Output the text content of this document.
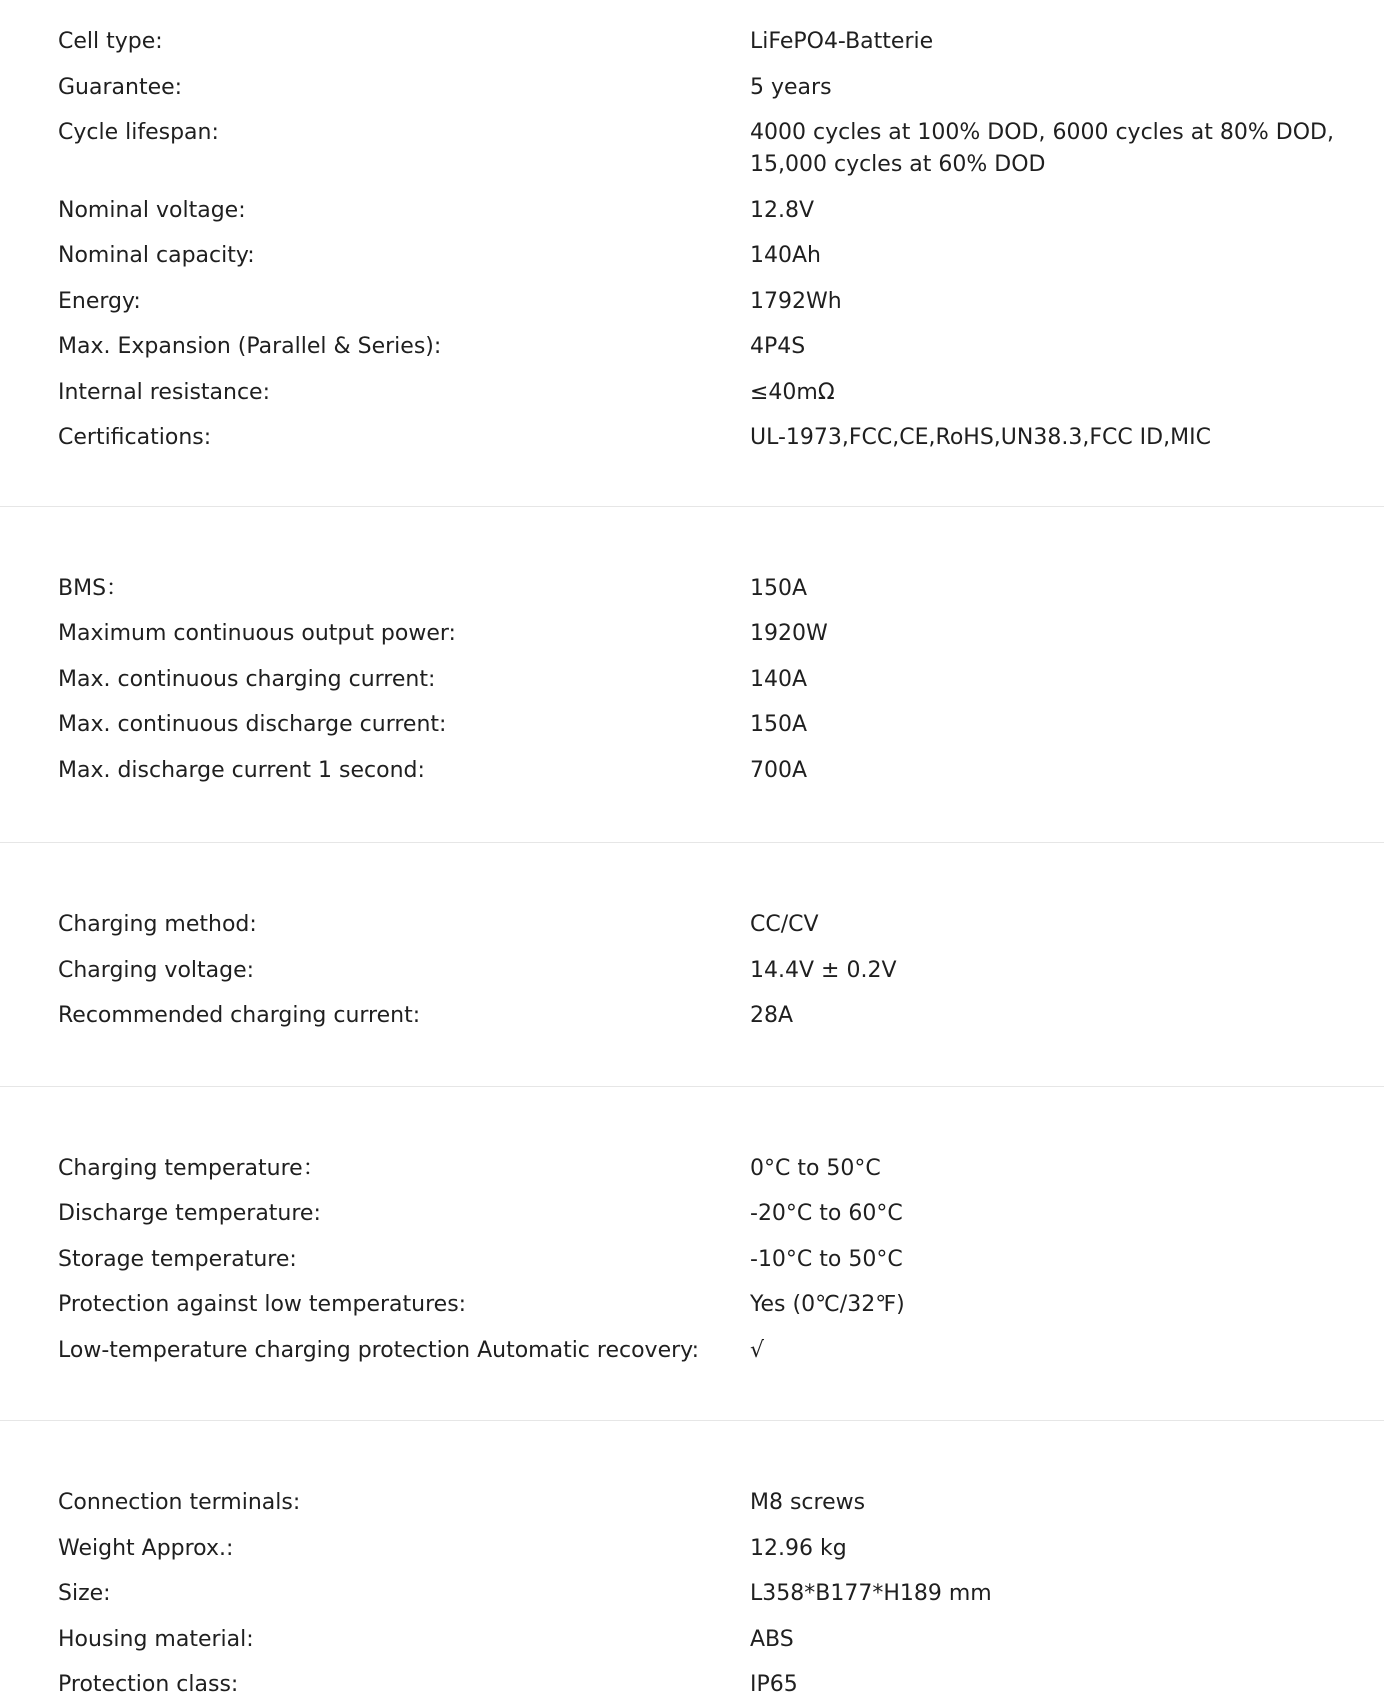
Cell type:	LiFePO4-Batterie
Guarantee:	5 years
Cycle lifespan:	4000 cycles at 100% DOD, 6000 cycles at 80% DOD, 15,000 cycles at 60% DOD
Nominal voltage:	12.8V
Nominal capacity:	140Ah
Energy:	1792Wh
Max. Expansion (Parallel & Series):	4P4S
Internal resistance:	≤40mΩ
Certifications:	UL-1973,FCC,CE,RoHS,UN38.3,FCC ID,MIC
BMS：	150A
Maximum continuous output power:	1920W
Max. continuous charging current:	140A
Max. continuous discharge current:	150A
Max. discharge current 1 second:	700A
Charging method:	CC/CV
Charging voltage:	14.4V ± 0.2V
Recommended charging current:	28A
Charging temperature：	0°C to 50°C
Discharge temperature:	-20°C to 60°C
Storage temperature:	-10°C to 50°C
Protection against low temperatures:	Yes (0℃/32℉)
Low-temperature charging protection Automatic recovery:	√
Connection terminals:	M8 screws
Weight Approx.:	12.96 kg
Size:	L358*B177*H189 mm
Housing material:	ABS
Protection class:	IP65
